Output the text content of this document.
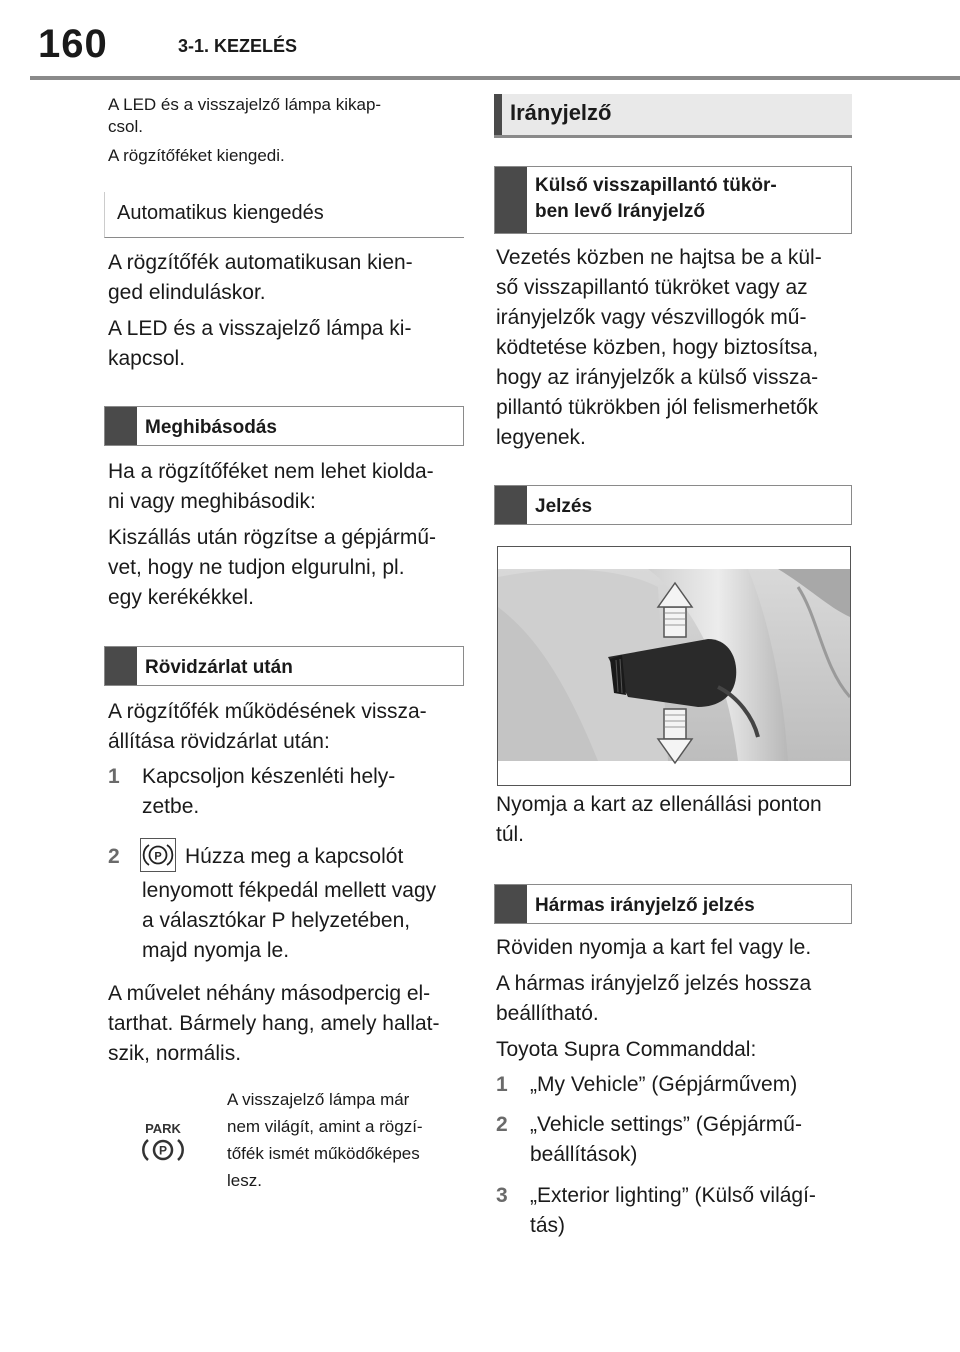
160	3-1. KEZELÉS
A LED és a visszajelző lámpa kikap-
csol.
A rögzítőféket kiengedi.
Automatikus kiengedés
A rögzítőfék automatikusan kien-
ged elinduláskor.
A LED és a visszajelző lámpa ki-
kapcsol.
Meghibásodás
Ha a rögzítőféket nem lehet kiolda-
ni vagy meghibásodik:
Kiszállás után rögzítse a gépjármű-
vet, hogy ne tudjon elgurulni, pl.
egy kerékékkel.
Rövidzárlat után
A rögzítőfék működésének vissza-
állítása rövidzárlat után:
1 Kapcsoljon készenléti hely-
zetbe.
2	Húzza meg a kapcsolót
lenyomott fékpedál mellett vagy
a választókar P helyzetében,
majd nyomja le.
P
A művelet néhány másodpercig el-
tarthat. Bármely hang, amely hallat-
szik, normális.
PARK
P
A visszajelző lámpa már
nem világít, amint a rögzí-
tőfék ismét működőképes
lesz.
Irányjelző
Külső visszapillantó tükör-
ben levő Irányjelző
Vezetés közben ne hajtsa be a kül-
ső visszapillantó tükröket vagy az
irányjelzők vagy vészvillogók mű-
ködtetése közben, hogy biztosítsa,
hogy az irányjelzők a külső vissza-
pillantó tükrökben jól felismerhetők
legyenek.
Jelzés
Nyomja a kart az ellenállási ponton
túl.
Hármas irányjelző jelzés
Röviden nyomja a kart fel vagy le.
A hármas irányjelző jelzés hossza
beállítható.
Toyota Supra Commanddal:
1 „My Vehicle” (Gépjárművem)
2 „Vehicle settings” (Gépjármű-
beállítások)
3 „Exterior lighting” (Külső világí-
tás)
